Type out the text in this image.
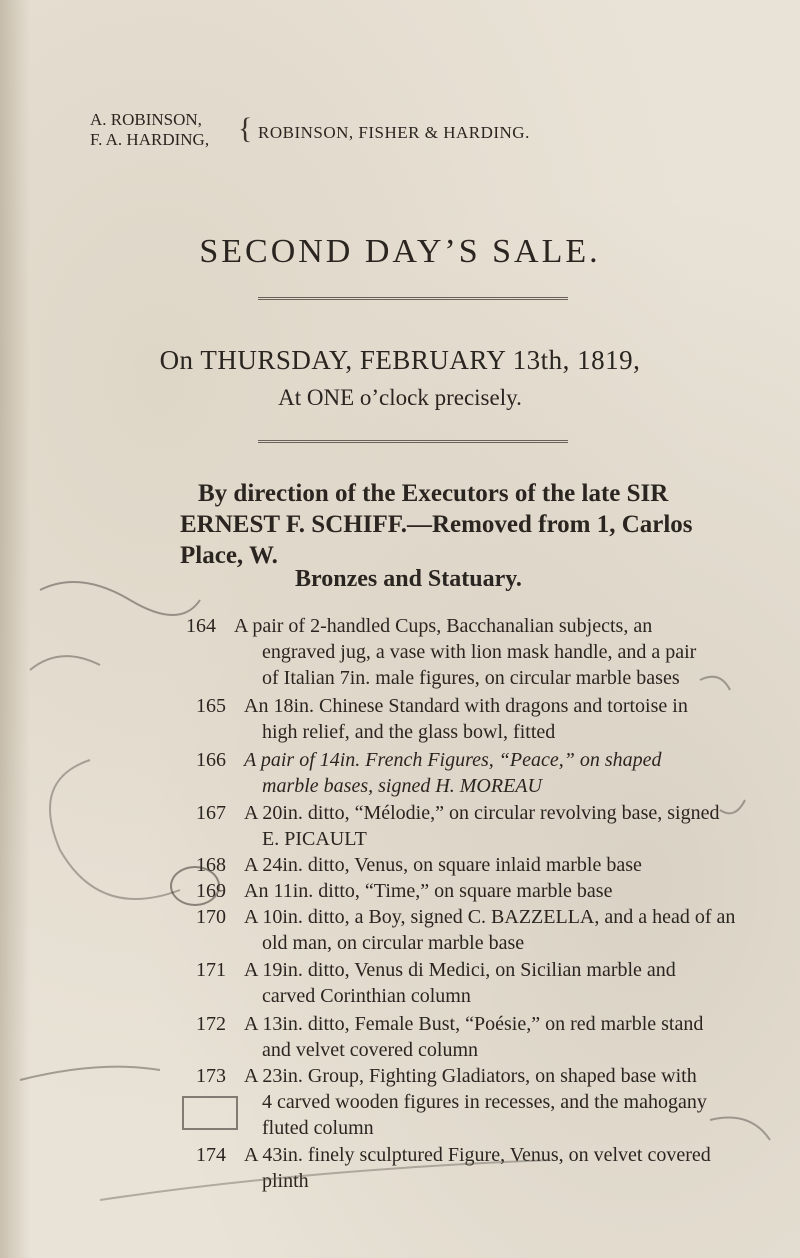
A. ROBINSON,
F. A. HARDING, { ROBINSON, FISHER & HARDING.
SECOND DAY’S SALE.
On THURSDAY, FEBRUARY 13th, 1819,
At ONE o’clock precisely.
By direction of the Executors of the late SIR
ERNEST F. SCHIFF.—Removed from 1, Carlos
Place, W.
Bronzes and Statuary.
164 A pair of 2-handled Cups, Bacchanalian subjects, an
engraved jug, a vase with lion mask handle, and a pair
of Italian 7in. male figures, on circular marble bases
165 An 18in. Chinese Standard with dragons and tortoise in
high relief, and the glass bowl, fitted
166 A pair of 14in. French Figures, “Peace,” on shaped
marble bases, signed H. MOREAU
167 A 20in. ditto, “Mélodie,” on circular revolving base, signed
E. PICAULT
168 A 24in. ditto, Venus, on square inlaid marble base
169 An 11in. ditto, “Time,” on square marble base
170 A 10in. ditto, a Boy, signed C. BAZZELLA, and a head of an
old man, on circular marble base
171 A 19in. ditto, Venus di Medici, on Sicilian marble and
carved Corinthian column
172 A 13in. ditto, Female Bust, “Poésie,” on red marble stand
and velvet covered column
173 A 23in. Group, Fighting Gladiators, on shaped base with
4 carved wooden figures in recesses, and the mahogany
fluted column
174 A 43in. finely sculptured Figure, Venus, on velvet covered
plinth
